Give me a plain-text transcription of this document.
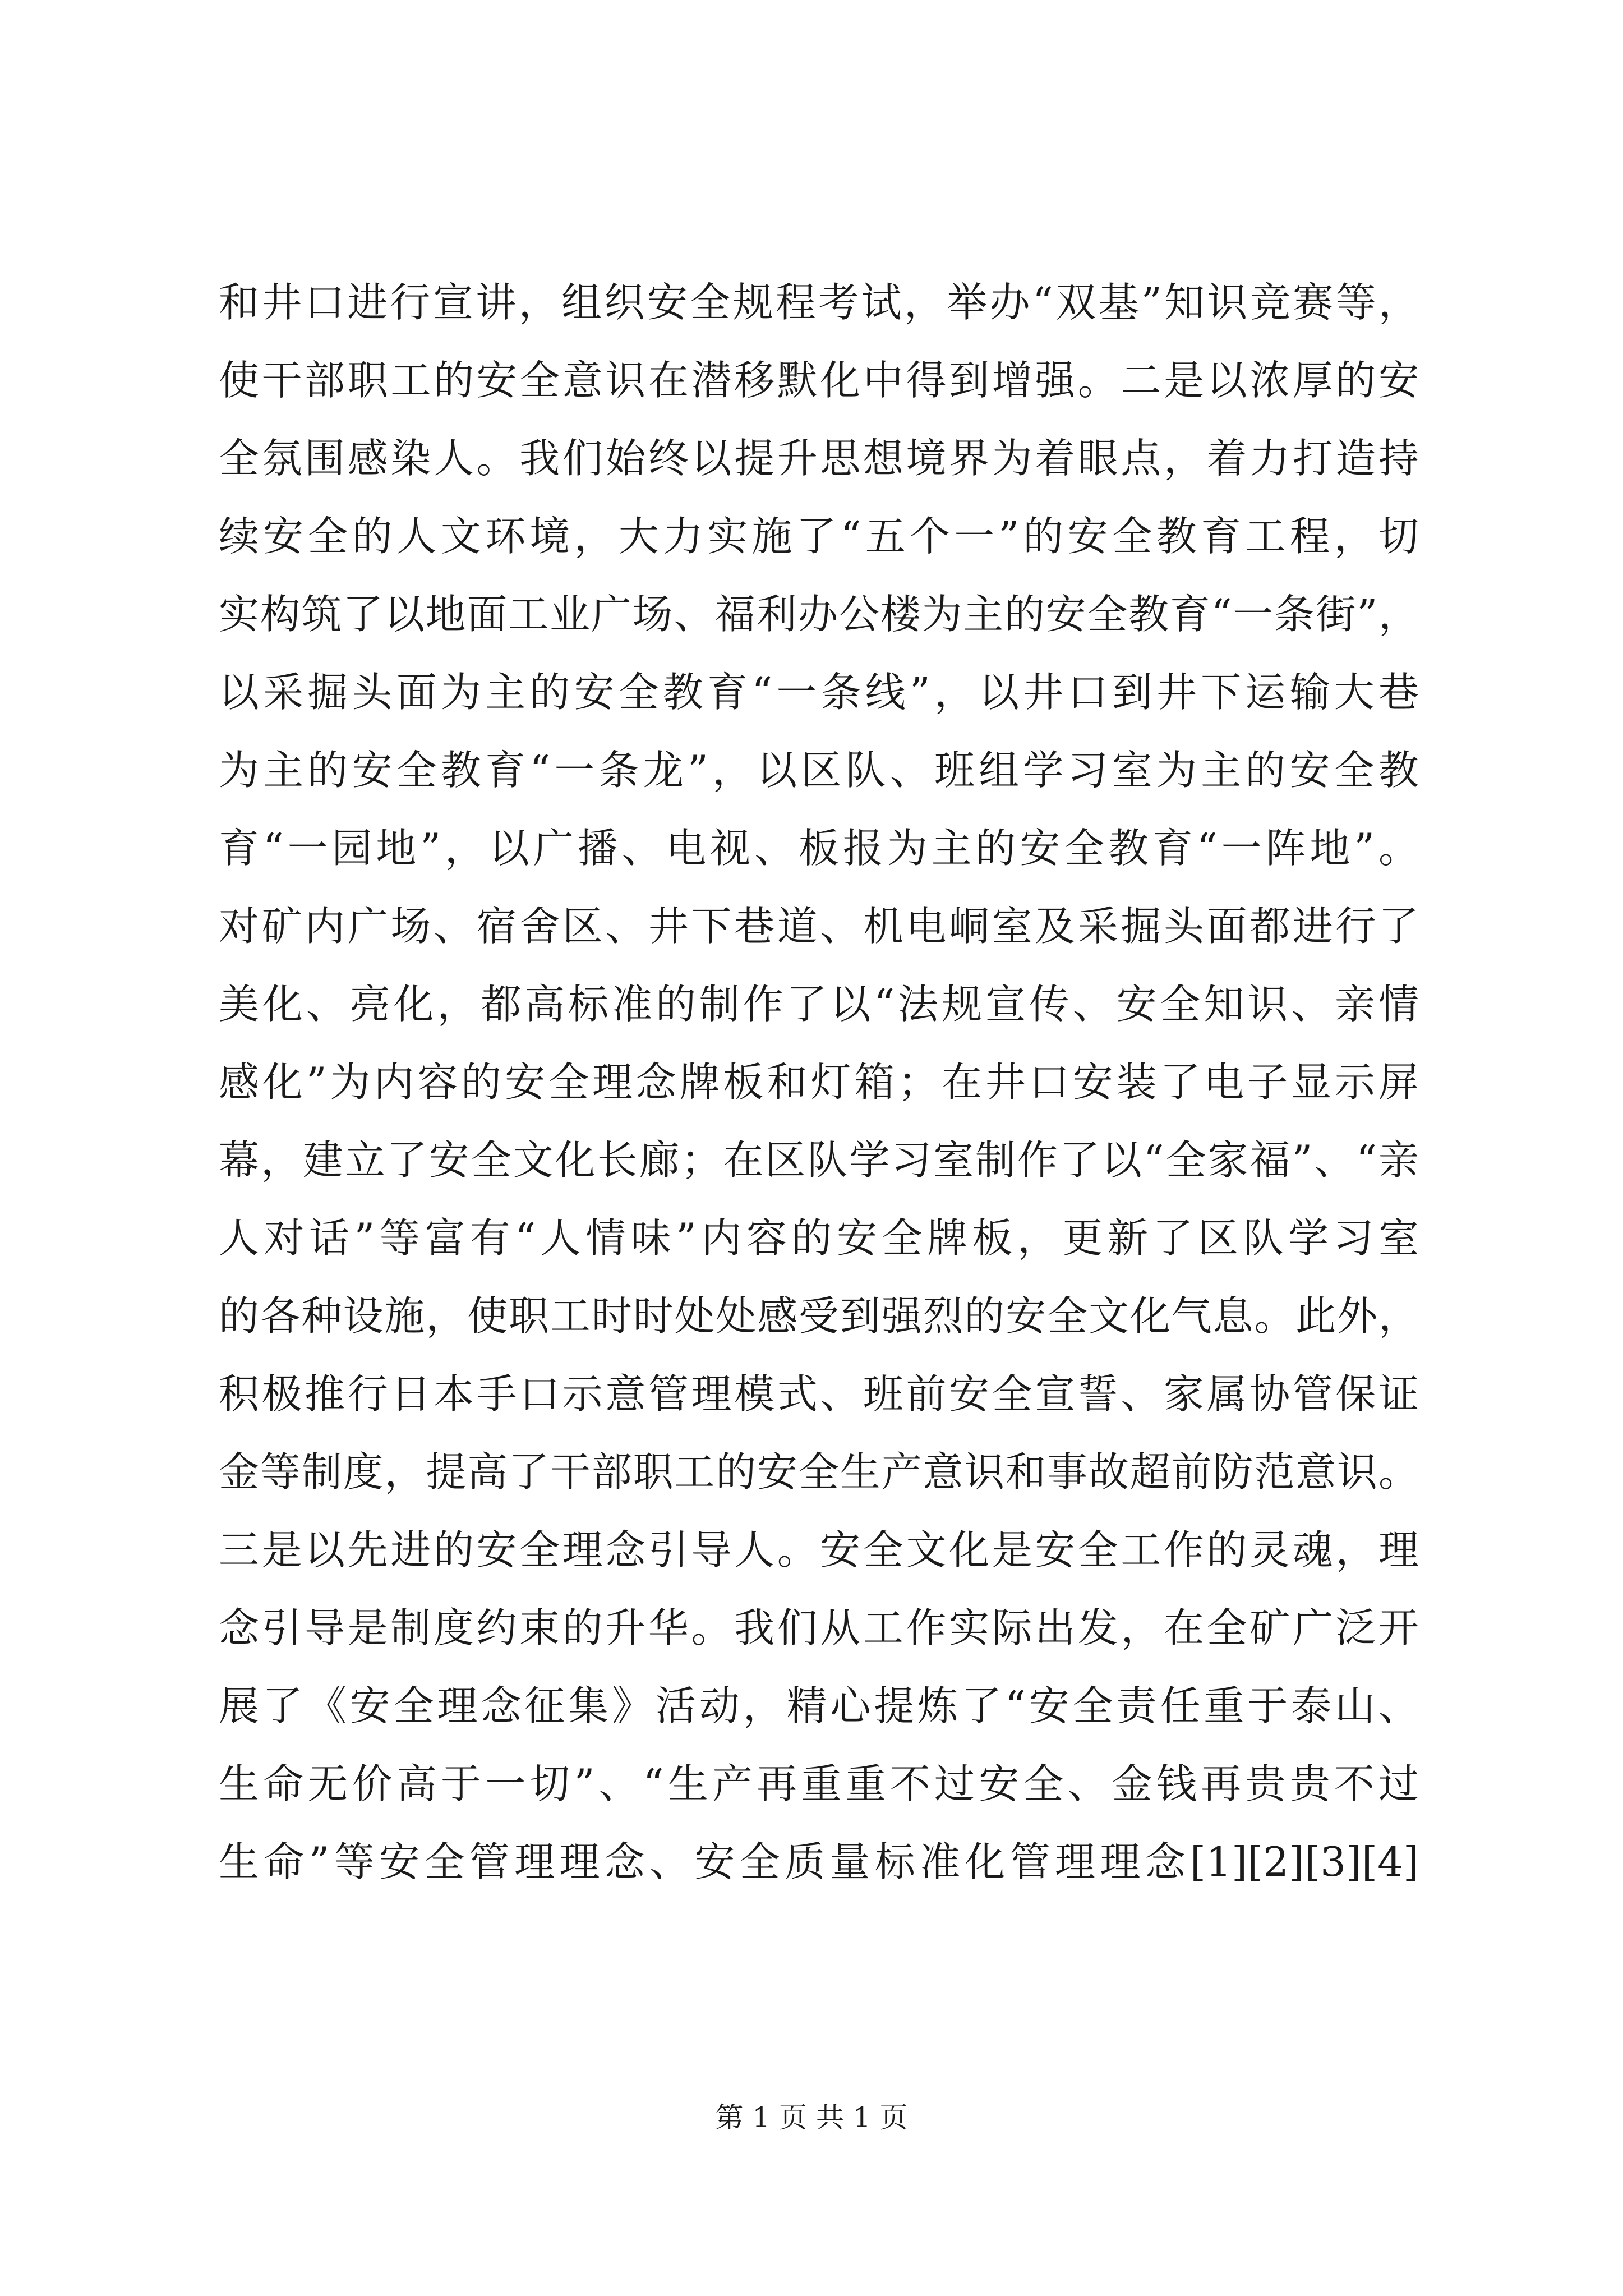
和井口进行宣讲，组织安全规程考试，举办“双基”知识竞赛等，
使干部职工的安全意识在潜移默化中得到增强。二是以浓厚的安
全氛围感染人。我们始终以提升思想境界为着眼点，着力打造持
续安全的人文环境，大力实施了“五个一”的安全教育工程，切
实构筑了以地面工业广场、福利办公楼为主的安全教育“一条街”，
以采掘头面为主的安全教育“一条线”，以井口到井下运输大巷
为主的安全教育“一条龙”，以区队、班组学习室为主的安全教
育“一园地”，以广播、电视、板报为主的安全教育“一阵地”。
对矿内广场、宿舍区、井下巷道、机电峒室及采掘头面都进行了
美化、亮化，都高标准的制作了以“法规宣传、安全知识、亲情
感化”为内容的安全理念牌板和灯箱；在井口安装了电子显示屏
幕，建立了安全文化长廊；在区队学习室制作了以“全家福”、“亲
人对话”等富有“人情味”内容的安全牌板，更新了区队学习室
的各种设施，使职工时时处处感受到强烈的安全文化气息。此外，
积极推行日本手口示意管理模式、班前安全宣誓、家属协管保证
金等制度，提高了干部职工的安全生产意识和事故超前防范意识。
三是以先进的安全理念引导人。安全文化是安全工作的灵魂，理
念引导是制度约束的升华。我们从工作实际出发，在全矿广泛开
展了《安全理念征集》活动，精心提炼了“安全责任重于泰山、
生命无价高于一切”、“生产再重重不过安全、金钱再贵贵不过
生命”等安全管理理念、安全质量标准化管理理念[1][2][3][4]
第 1 页 共 1 页
